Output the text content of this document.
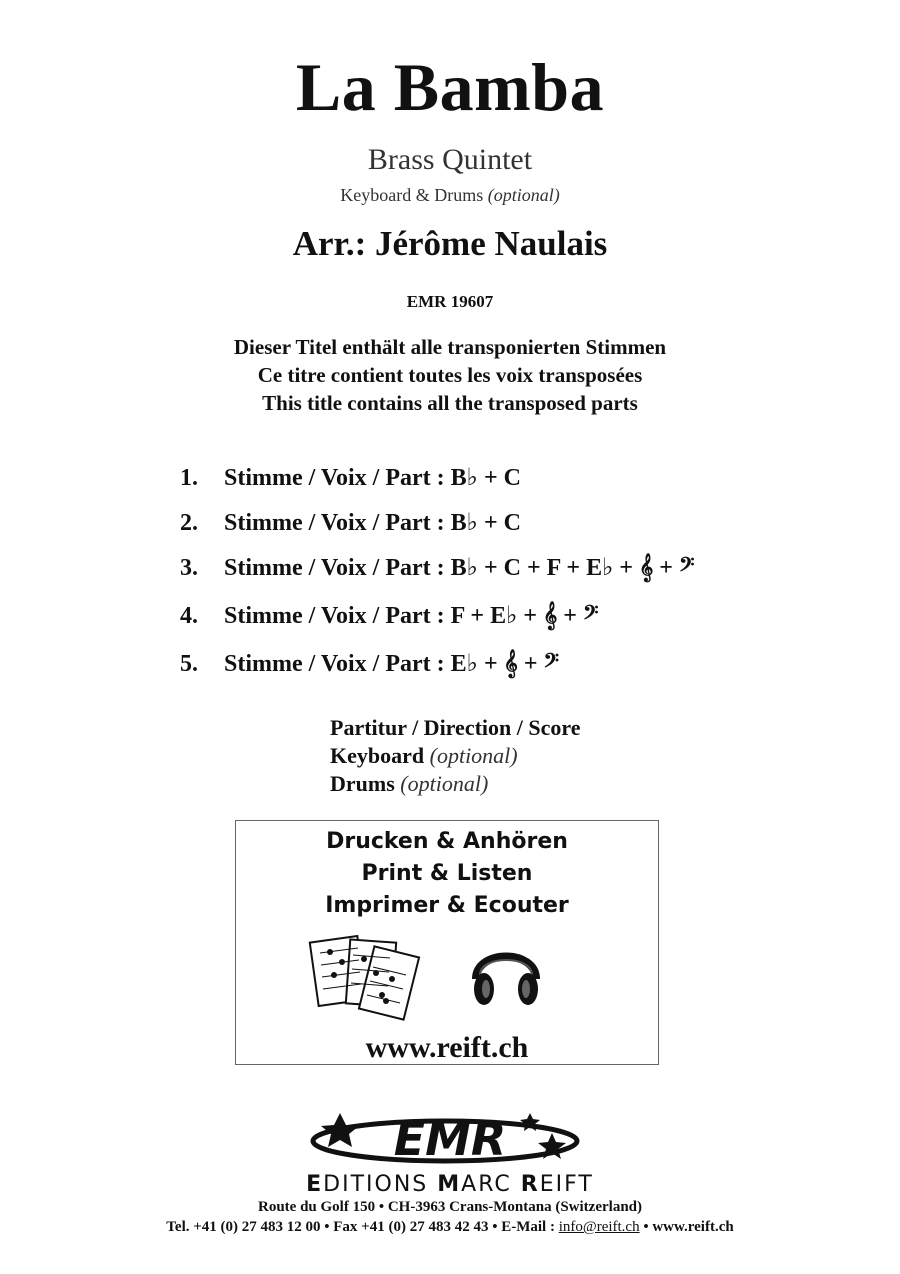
La Bamba
Brass Quintet
Keyboard & Drums (optional)
Arr.: Jérôme Naulais
EMR 19607
Dieser Titel enthält alle transponierten Stimmen
Ce titre contient toutes les voix transposées
This title contains all the transposed parts
1. Stimme / Voix / Part : B♭ + C
2. Stimme / Voix / Part : B♭ + C
3. Stimme / Voix / Part : B♭ + C + F + E♭ + 𝄞 + 𝄢
4. Stimme / Voix / Part : F + E♭ + 𝄞 + 𝄢
5. Stimme / Voix / Part : E♭ + 𝄞 + 𝄢
Partitur / Direction / Score
Keyboard (optional)
Drums (optional)
Drucken & Anhören
Print & Listen
Imprimer & Ecouter
www.reift.ch
EMR
EDITIONS MARC REIFT
Route du Golf 150 • CH-3963 Crans-Montana (Switzerland)
Tel. +41 (0) 27 483 12 00 • Fax +41 (0) 27 483 42 43 • E-Mail : info@reift.ch • www.reift.ch
